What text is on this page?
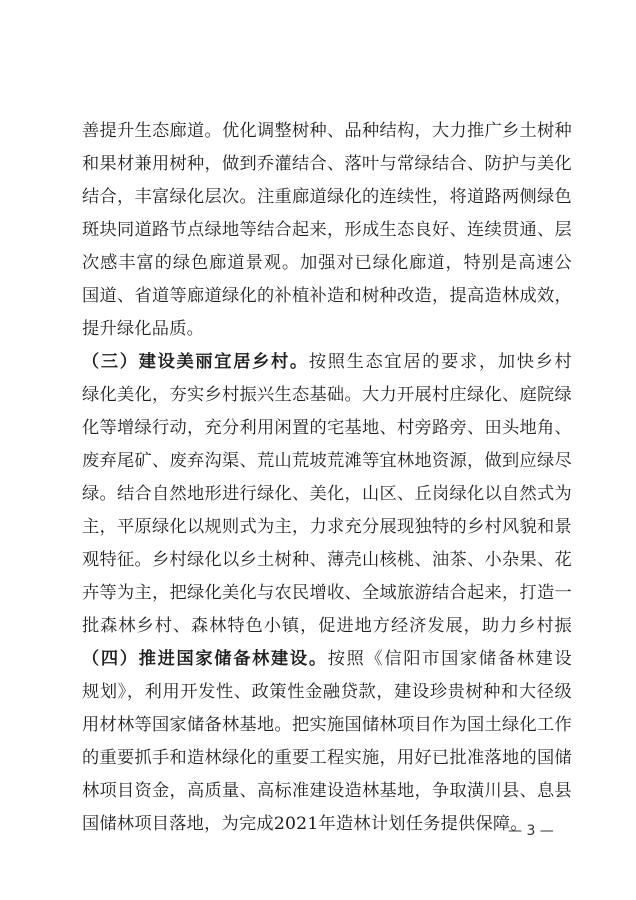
善提升生态廊道。优化调整树种、品种结构，大力推广乡土树种
和果材兼用树种，做到乔灌结合、落叶与常绿结合、防护与美化
结合，丰富绿化层次。注重廊道绿化的连续性，将道路两侧绿色
斑块同道路节点绿地等结合起来，形成生态良好、连续贯通、层
次感丰富的绿色廊道景观。加强对已绿化廊道，特别是高速公
国道、省道等廊道绿化的补植补造和树种改造，提高造林成效，
提升绿化品质。
（三）建设美丽宜居乡村。按照生态宜居的要求，加快乡村
绿化美化，夯实乡村振兴生态基础。大力开展村庄绿化、庭院绿
化等增绿行动，充分利用闲置的宅基地、村旁路旁、田头地角、
废弃尾矿、废弃沟渠、荒山荒坡荒滩等宜林地资源，做到应绿尽
绿。结合自然地形进行绿化、美化，山区、丘岗绿化以自然式为
主，平原绿化以规则式为主，力求充分展现独特的乡村风貌和景
观特征。乡村绿化以乡土树种、薄壳山核桃、油茶、小杂果、花
卉等为主，把绿化美化与农民增收、全域旅游结合起来，打造一
批森林乡村、森林特色小镇，促进地方经济发展，助力乡村振
（四）推进国家储备林建设。按照《信阳市国家储备林建设
规划》，利用开发性、政策性金融贷款，建设珍贵树种和大径级
用材林等国家储备林基地。把实施国储林项目作为国土绿化工作
的重要抓手和造林绿化的重要工程实施，用好已批准落地的国储
林项目资金，高质量、高标准建设造林基地，争取潢川县、息县
国储林项目落地，为完成2021年造林计划任务提供保障。
— 3 —
